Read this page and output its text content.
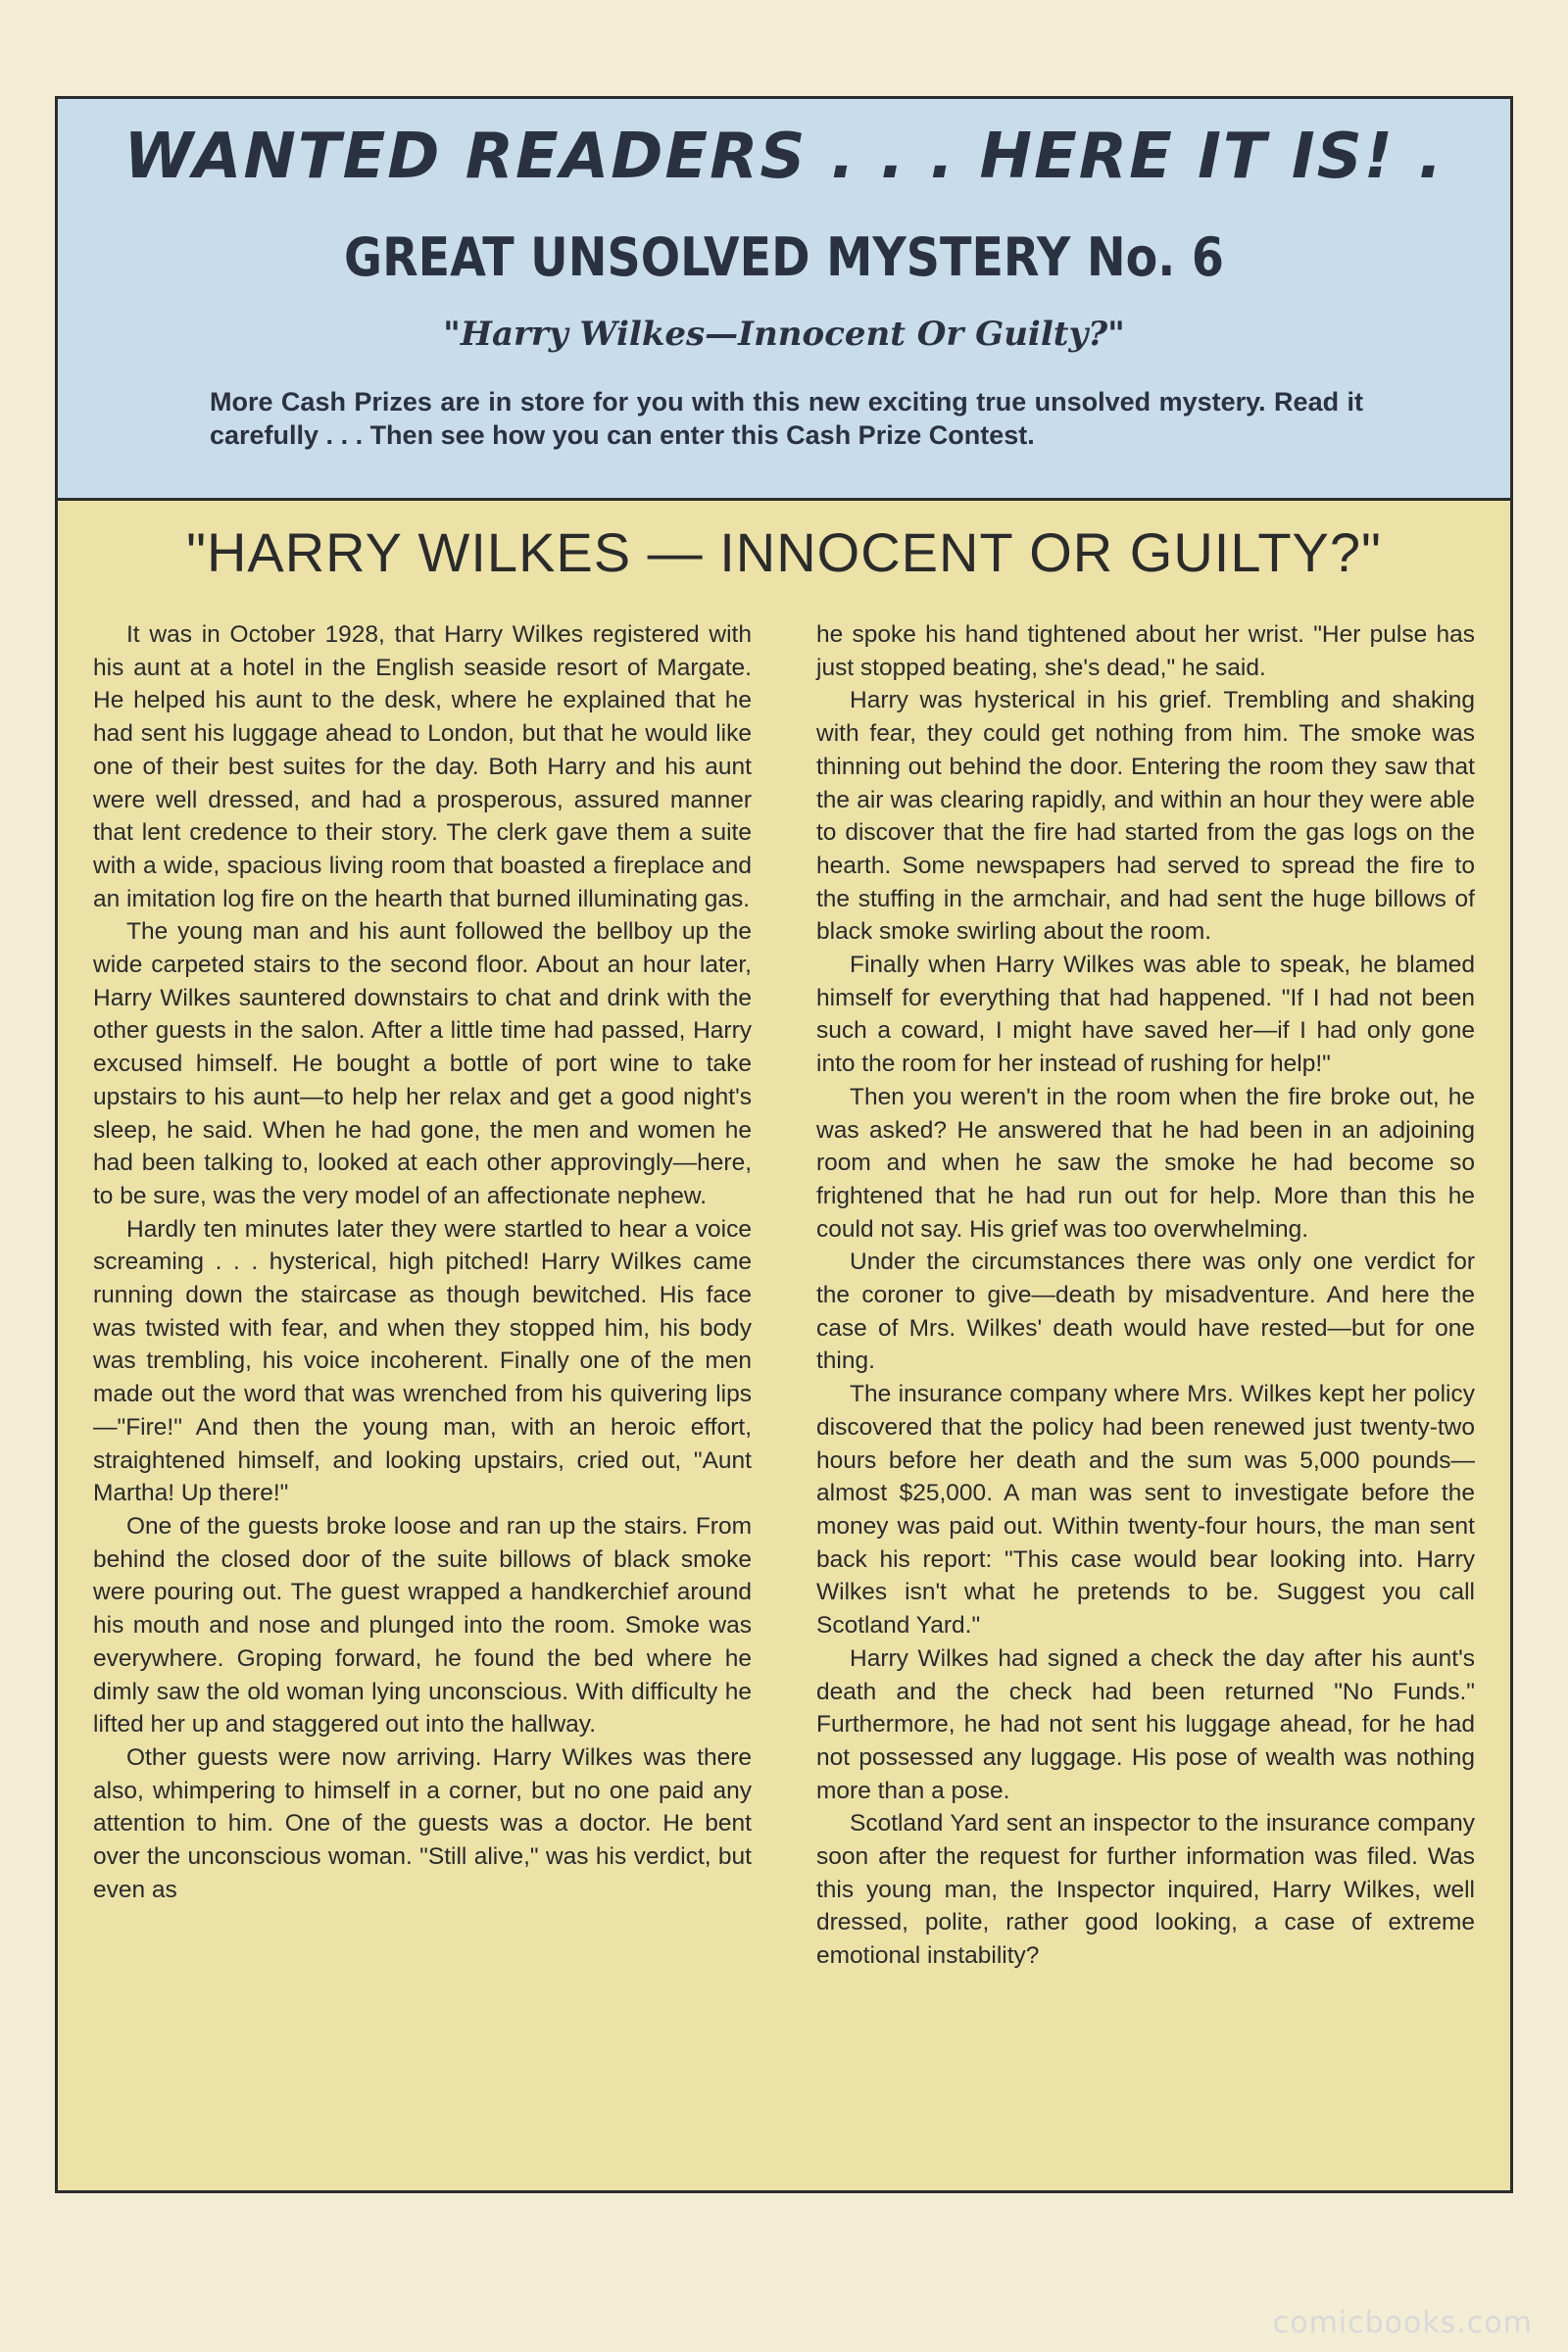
WANTED READERS . . . HERE IT IS! .
GREAT UNSOLVED MYSTERY No. 6
"Harry Wilkes—Innocent Or Guilty?"
More Cash Prizes are in store for you with this new exciting true unsolved mystery. Read it carefully . . . Then see how you can enter this Cash Prize Contest.
"HARRY WILKES — INNOCENT OR GUILTY?"

It was in October 1928, that Harry Wilkes registered with his aunt at a hotel in the English seaside resort of Margate. He helped his aunt to the desk, where he explained that he had sent his luggage ahead to London, but that he would like one of their best suites for the day. Both Harry and his aunt were well dressed, and had a prosperous, assured manner that lent credence to their story. The clerk gave them a suite with a wide, spacious living room that boasted a fireplace and an imitation log fire on the hearth that burned illuminating gas.

The young man and his aunt followed the bellboy up the wide carpeted stairs to the second floor. About an hour later, Harry Wilkes sauntered downstairs to chat and drink with the other guests in the salon. After a little time had passed, Harry excused himself. He bought a bottle of port wine to take upstairs to his aunt—to help her relax and get a good night's sleep, he said. When he had gone, the men and women he had been talking to, looked at each other approvingly—here, to be sure, was the very model of an affectionate nephew.

Hardly ten minutes later they were startled to hear a voice screaming . . . hysterical, high pitched! Harry Wilkes came running down the staircase as though bewitched. His face was twisted with fear, and when they stopped him, his body was trembling, his voice incoherent. Finally one of the men made out the word that was wrenched from his quivering lips—"Fire!" And then the young man, with an heroic effort, straightened himself, and looking upstairs, cried out, "Aunt Martha! Up there!"

One of the guests broke loose and ran up the stairs. From behind the closed door of the suite billows of black smoke were pouring out. The guest wrapped a handkerchief around his mouth and nose and plunged into the room. Smoke was everywhere. Groping forward, he found the bed where he dimly saw the old woman lying unconscious. With difficulty he lifted her up and staggered out into the hallway.

Other guests were now arriving. Harry Wilkes was there also, whimpering to himself in a corner, but no one paid any attention to him. One of the guests was a doctor. He bent over the unconscious woman. "Still alive," was his verdict, but even as

he spoke his hand tightened about her wrist. "Her pulse has just stopped beating, she's dead," he said.

Harry was hysterical in his grief. Trembling and shaking with fear, they could get nothing from him. The smoke was thinning out behind the door. Entering the room they saw that the air was clearing rapidly, and within an hour they were able to discover that the fire had started from the gas logs on the hearth. Some newspapers had served to spread the fire to the stuffing in the armchair, and had sent the huge billows of black smoke swirling about the room.

Finally when Harry Wilkes was able to speak, he blamed himself for everything that had happened. "If I had not been such a coward, I might have saved her—if I had only gone into the room for her instead of rushing for help!"

Then you weren't in the room when the fire broke out, he was asked? He answered that he had been in an adjoining room and when he saw the smoke he had become so frightened that he had run out for help. More than this he could not say. His grief was too overwhelming.

Under the circumstances there was only one verdict for the coroner to give—death by misadventure. And here the case of Mrs. Wilkes' death would have rested—but for one thing.

The insurance company where Mrs. Wilkes kept her policy discovered that the policy had been renewed just twenty-two hours before her death and the sum was 5,000 pounds—almost $25,000. A man was sent to investigate before the money was paid out. Within twenty-four hours, the man sent back his report: "This case would bear looking into. Harry Wilkes isn't what he pretends to be. Suggest you call Scotland Yard."

Harry Wilkes had signed a check the day after his aunt's death and the check had been returned "No Funds." Furthermore, he had not sent his luggage ahead, for he had not possessed any luggage. His pose of wealth was nothing more than a pose.

Scotland Yard sent an inspector to the insurance company soon after the request for further information was filed. Was this young man, the Inspector inquired, Harry Wilkes, well dressed, polite, rather good looking, a case of extreme emotional instability?

comicbooks.com
